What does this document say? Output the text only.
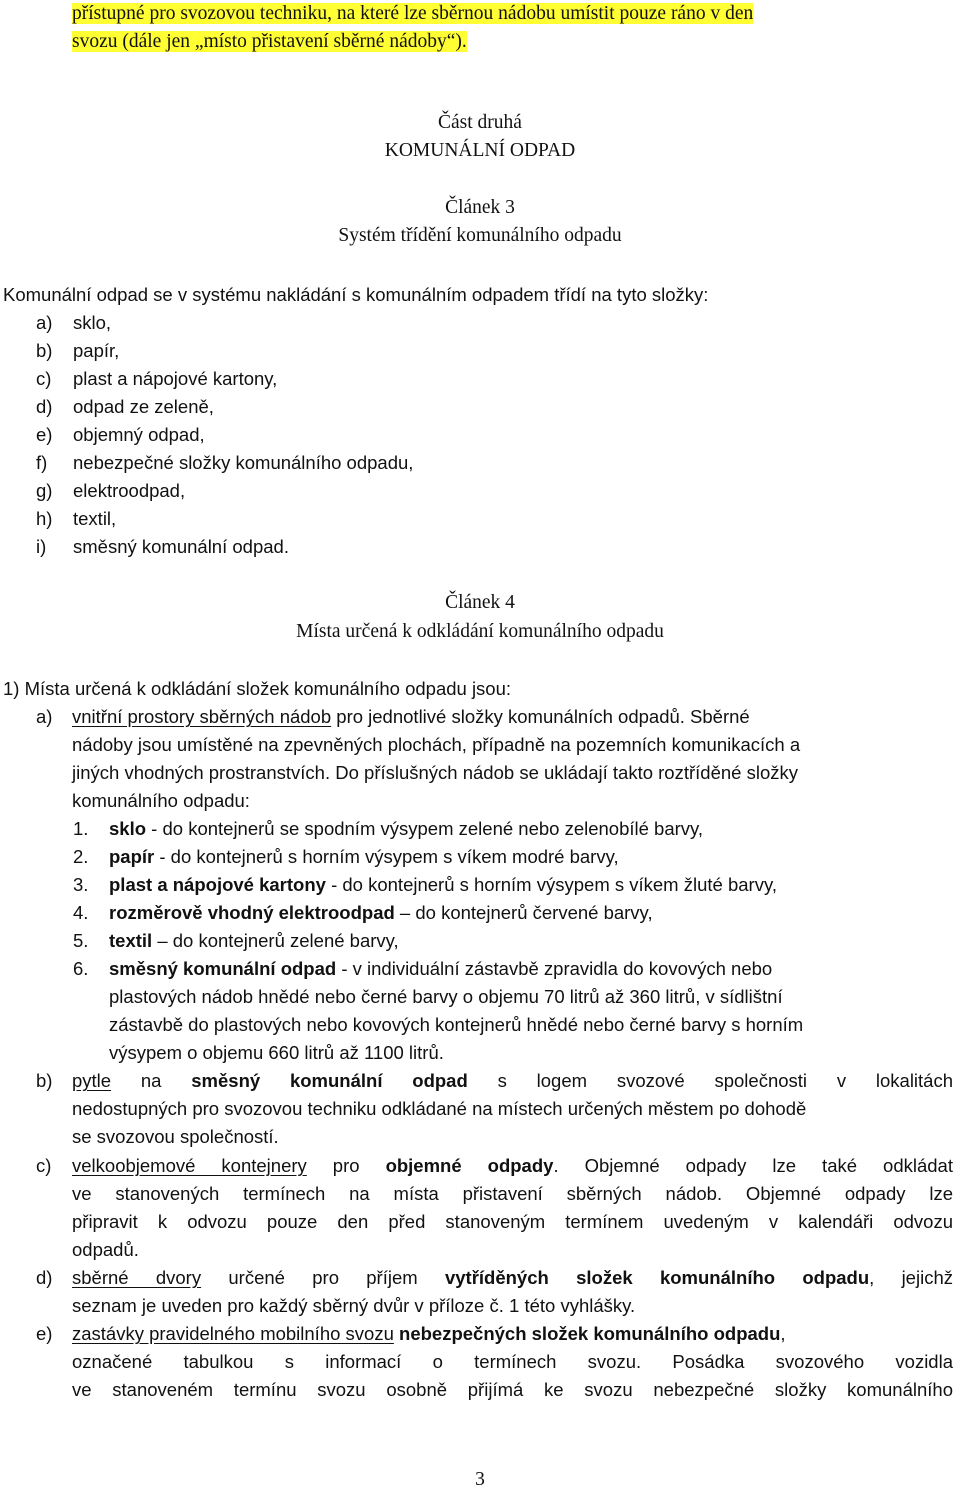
přístupné pro svozovou techniku, na které lze sběrnou nádobu umístit pouze ráno v den
svozu (dále jen „místo přistavení sběrné nádoby“).
Část druhá
KOMUNÁLNÍ ODPAD
Článek 3
Systém třídění komunálního odpadu
Komunální odpad se v systému nakládání s komunálním odpadem třídí na tyto složky:
a) sklo,
b) papír,
c) plast a nápojové kartony,
d) odpad ze zeleně,
e) objemný odpad,
f) nebezpečné složky komunálního odpadu,
g) elektroodpad,
h) textil,
i) směsný komunální odpad.
Článek 4
Místa určená k odkládání komunálního odpadu
1) Místa určená k odkládání složek komunálního odpadu jsou:
a) vnitřní prostory sběrných nádob pro jednotlivé složky komunálních odpadů. Sběrné
nádoby jsou umístěné na zpevněných plochách, případně na pozemních komunikacích a
jiných vhodných prostranstvích. Do příslušných nádob se ukládají takto roztříděné složky
komunálního odpadu:
1. sklo - do kontejnerů se spodním výsypem zelené nebo zelenobílé barvy,
2. papír - do kontejnerů s horním výsypem s víkem modré barvy,
3. plast a nápojové kartony - do kontejnerů s horním výsypem s víkem žluté barvy,
4. rozměrově vhodný elektroodpad – do kontejnerů červené barvy,
5. textil – do kontejnerů zelené barvy,
6. směsný komunální odpad - v individuální zástavbě zpravidla do kovových nebo
plastových nádob hnědé nebo černé barvy o objemu 70 litrů až 360 litrů, v sídlištní
zástavbě do plastových nebo kovových kontejnerů hnědé nebo černé barvy s horním
výsypem o objemu 660 litrů až 1100 litrů.
b) pytle na směsný komunální odpad s logem svozové společnosti v lokalitách
nedostupných pro svozovou techniku odkládané na místech určených městem po dohodě
se svozovou společností.
c) velkoobjemové kontejnery pro objemné odpady. Objemné odpady lze také odkládat
ve stanovených termínech na místa přistavení sběrných nádob. Objemné odpady lze
připravit k odvozu pouze den před stanoveným termínem uvedeným v kalendáři odvozu
odpadů.
d) sběrné dvory určené pro příjem vytříděných složek komunálního odpadu, jejichž
seznam je uveden pro každý sběrný dvůr v příloze č. 1 této vyhlášky.
e) zastávky pravidelného mobilního svozu nebezpečných složek komunálního odpadu,
označené tabulkou s informací o termínech svozu. Posádka svozového vozidla
ve stanoveném termínu svozu osobně přijímá ke svozu nebezpečné složky komunálního
3
